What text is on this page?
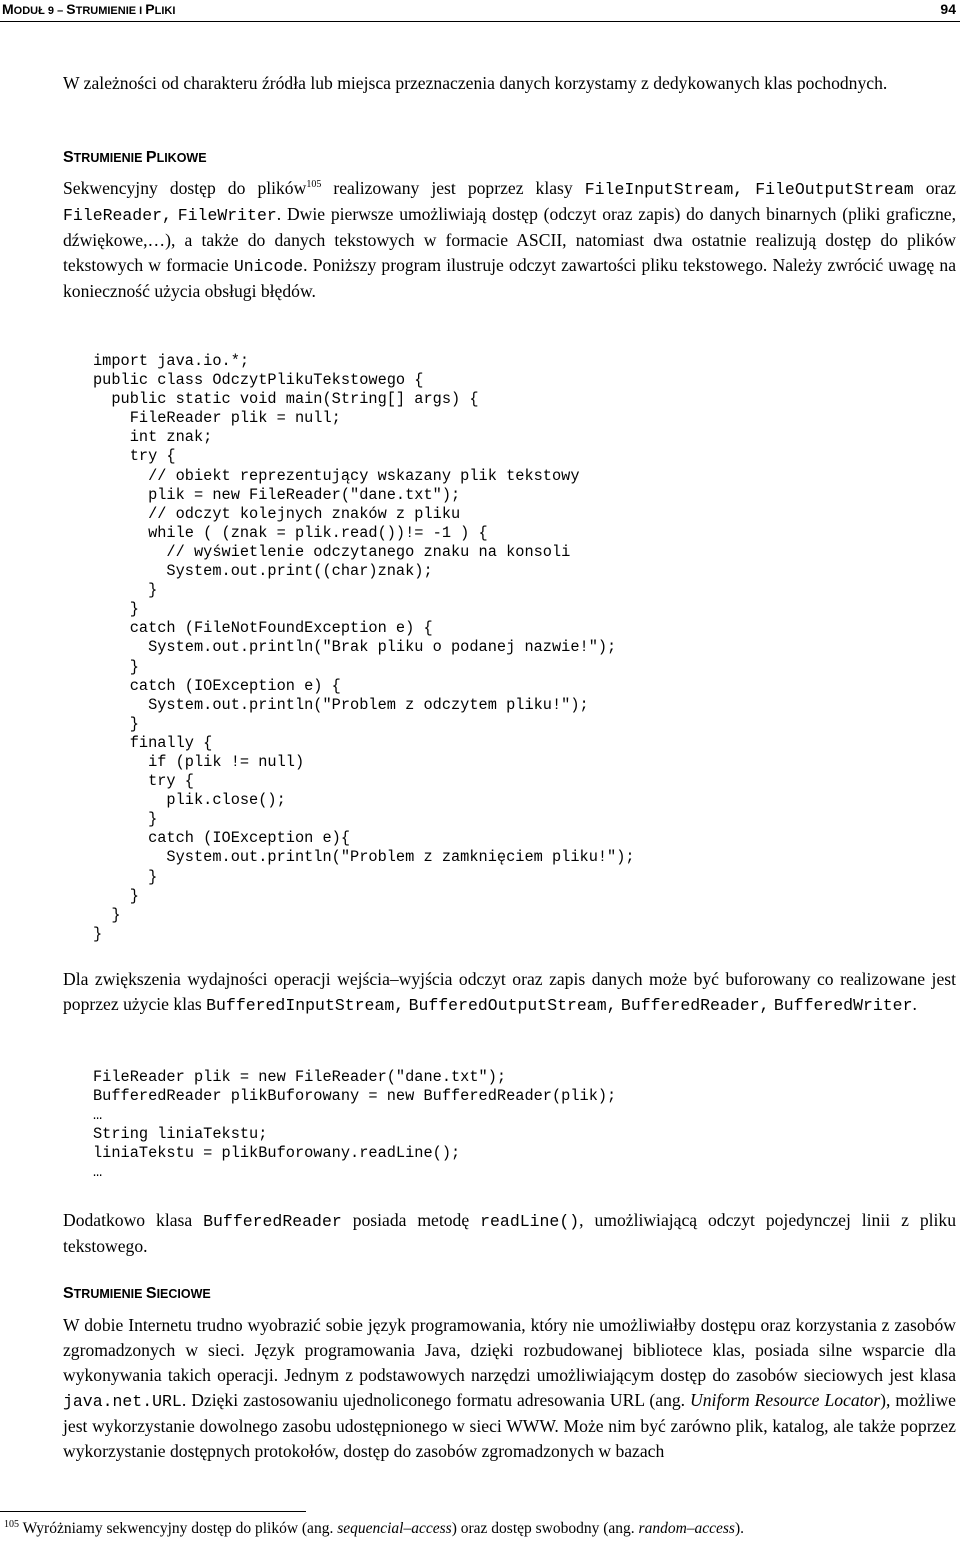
MODUŁ 9 – STRUMIENIE I PLIKI	94

W zależności od charakteru źródła lub miejsca przeznaczenia danych korzystamy z dedykowanych klas pochodnych.

STRUMIENIE PLIKOWE

Sekwencyjny dostęp do plików$^{105}$ realizowany jest poprzez klasy FileInputStream, FileOutputStream oraz FileReader, FileWriter. Dwie pierwsze umożliwiają dostęp (odczyt oraz zapis) do danych binarnych (pliki graficzne, dźwiękowe,…), a także do danych tekstowych w formacie ASCII, natomiast dwa ostatnie realizują dostęp do plików tekstowych w formacie Unicode. Poniższy program ilustruje odczyt zawartości pliku tekstowego. Należy zwrócić uwagę na konieczność użycia obsługi błędów.

import java.io.*;
public class OdczytPlikuTekstowego {
public static void main(String[] args) {
FileReader plik = null;
int znak;
try {
// obiekt reprezentujący wskazany plik tekstowy
plik = new FileReader("dane.txt");
// odczyt kolejnych znaków z pliku
while ( (znak = plik.read())!= -1 ) {
// wyświetlenie odczytanego znaku na konsoli
System.out.print((char)znak);
}
}
catch (FileNotFoundException e) {
System.out.println("Brak pliku o podanej nazwie!");
}
catch (IOException e) {
System.out.println("Problem z odczytem pliku!");
}
finally {
if (plik != null)
try {
plik.close();
}
catch (IOException e){
System.out.println("Problem z zamknięciem pliku!");
}
}
}
}

Dla zwiększenia wydajności operacji wejścia–wyjścia odczyt oraz zapis danych może być buforowany co realizowane jest poprzez użycie klas BufferedInputStream, BufferedOutputStream, BufferedReader, BufferedWriter.

FileReader plik = new FileReader("dane.txt");
BufferedReader plikBuforowany = new BufferedReader(plik);
…
String liniaTekstu;
liniaTekstu = plikBuforowany.readLine();
…

Dodatkowo klasa BufferedReader posiada metodę readLine(), umożliwiającą odczyt pojedynczej linii z pliku tekstowego.

STRUMIENIE SIECIOWE

W dobie Internetu trudno wyobrazić sobie język programowania, który nie umożliwiałby dostępu oraz korzystania z zasobów zgromadzonych w sieci. Język programowania Java, dzięki rozbudowanej bibliotece klas, posiada silne wsparcie dla wykonywania takich operacji. Jednym z podstawowych narzędzi umożliwiającym dostęp do zasobów sieciowych jest klasa java.net.URL. Dzięki zastosowaniu ujednoliconego formatu adresowania URL (ang. Uniform Resource Locator), możliwe jest wykorzystanie dowolnego zasobu udostępnionego w sieci WWW. Może nim być zarówno plik, katalog, ale także poprzez wykorzystanie dostępnych protokołów, dostęp do zasobów zgromadzonych w bazach

$^{105}$ Wyróżniamy sekwencyjny dostęp do plików (ang. sequencial–access) oraz dostęp swobodny (ang. random–access).
